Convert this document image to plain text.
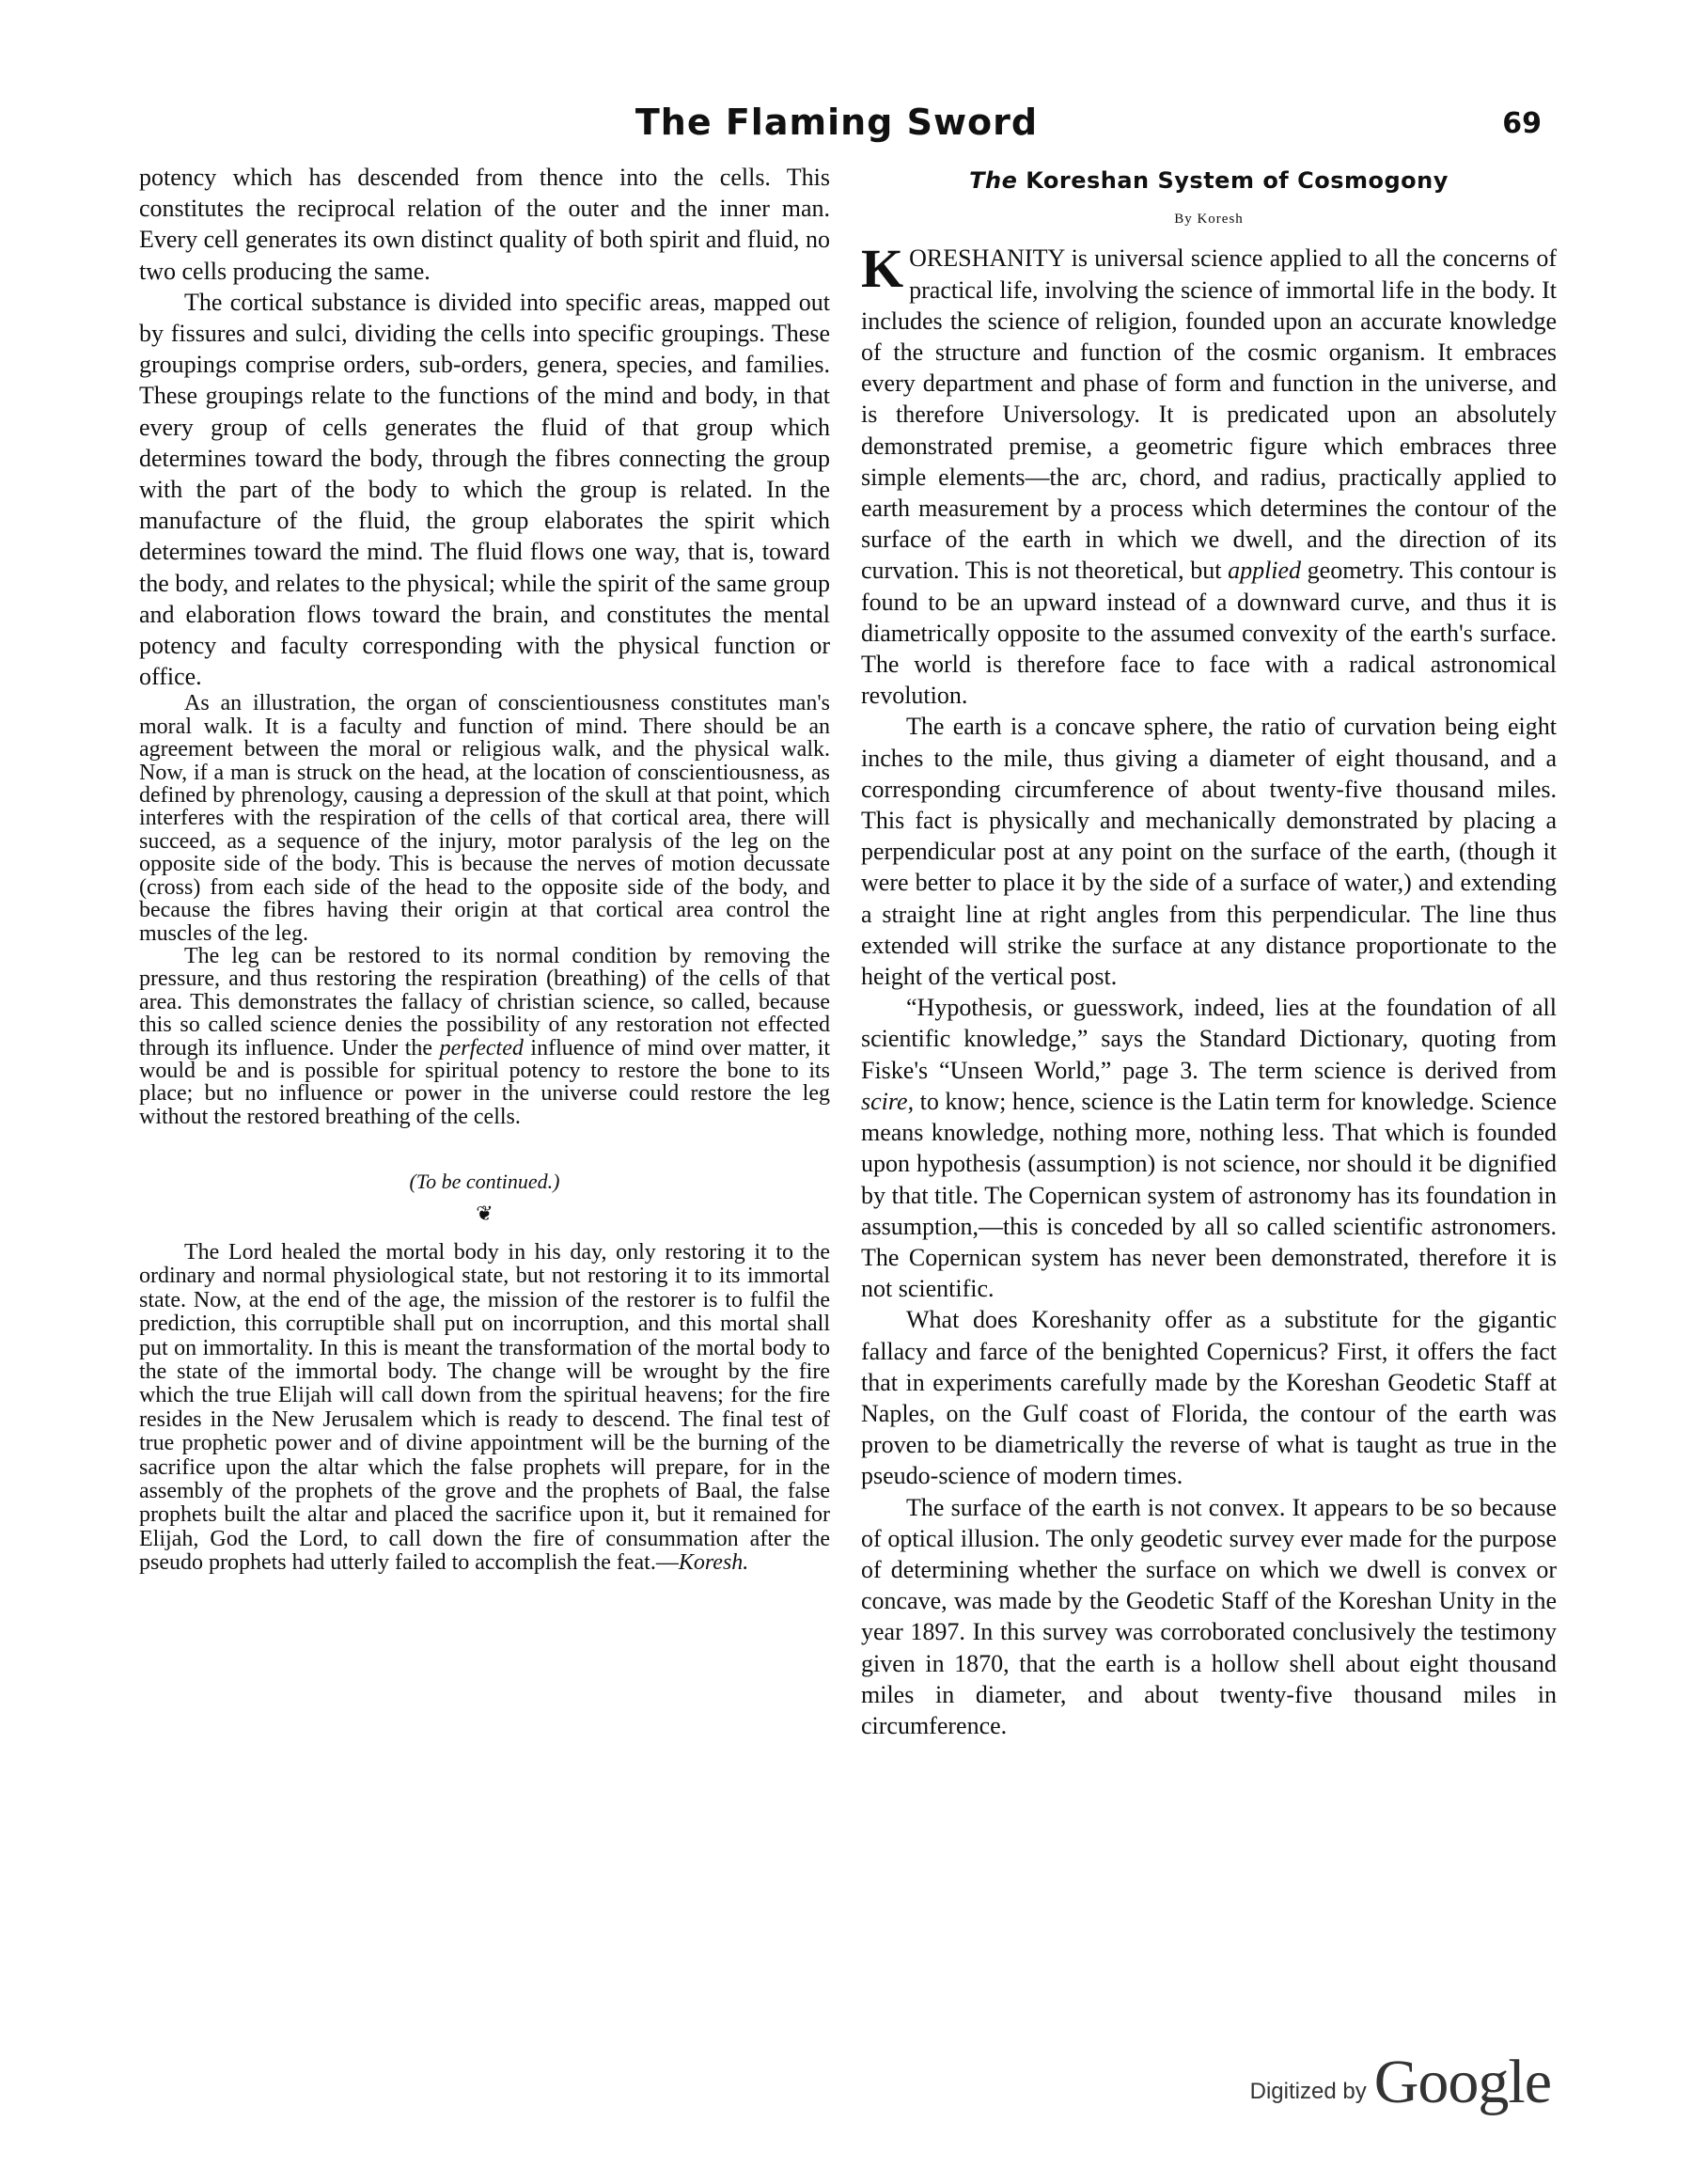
The Flaming Sword	69

potency which has descended from thence into the cells. This constitutes the reciprocal relation of the outer and the inner man. Every cell generates its own distinct quality of both spirit and fluid, no two cells producing the same.

The cortical substance is divided into specific areas, mapped out by fissures and sulci, dividing the cells into specific groupings. These groupings comprise orders, sub-orders, genera, species, and families. These groupings relate to the functions of the mind and body, in that every group of cells generates the fluid of that group which determines toward the body, through the fibres connecting the group with the part of the body to which the group is related. In the manufacture of the fluid, the group elaborates the spirit which determines toward the mind. The fluid flows one way, that is, toward the body, and relates to the physical; while the spirit of the same group and elaboration flows toward the brain, and constitutes the mental potency and faculty corresponding with the physical function or office.

As an illustration, the organ of conscientiousness constitutes man's moral walk. It is a faculty and function of mind. There should be an agreement between the moral or religious walk, and the physical walk. Now, if a man is struck on the head, at the location of conscientiousness, as defined by phrenology, causing a depression of the skull at that point, which interferes with the respiration of the cells of that cortical area, there will succeed, as a sequence of the injury, motor paralysis of the leg on the opposite side of the body. This is because the nerves of motion decussate (cross) from each side of the head to the opposite side of the body, and because the fibres having their origin at that cortical area control the muscles of the leg.

The leg can be restored to its normal condition by removing the pressure, and thus restoring the respiration (breathing) of the cells of that area. This demonstrates the fallacy of christian science, so called, because this so called science denies the possibility of any restoration not effected through its influence. Under the perfected influence of mind over matter, it would be and is possible for spiritual potency to restore the bone to its place; but no influence or power in the universe could restore the leg without the restored breathing of the cells.

(To be continued.)
❦

The Lord healed the mortal body in his day, only restoring it to the ordinary and normal physiological state, but not restoring it to its immortal state. Now, at the end of the age, the mission of the restorer is to fulfil the prediction, this corruptible shall put on incorruption, and this mortal shall put on immortality. In this is meant the transformation of the mortal body to the state of the immortal body. The change will be wrought by the fire which the true Elijah will call down from the spiritual heavens; for the fire resides in the New Jerusalem which is ready to descend. The final test of true prophetic power and of divine appointment will be the burning of the sacrifice upon the altar which the false prophets will prepare, for in the assembly of the prophets of the grove and the prophets of Baal, the false prophets built the altar and placed the sacrifice upon it, but it remained for Elijah, God the Lord, to call down the fire of consummation after the pseudo prophets had utterly failed to accomplish the feat.—Koresh.

The Koreshan System of Cosmogony
By Koresh

KORESHANITY is universal science applied to all the concerns of practical life, involving the science of immortal life in the body. It includes the science of religion, founded upon an accurate knowledge of the structure and function of the cosmic organism. It embraces every department and phase of form and function in the universe, and is therefore Universology. It is predicated upon an absolutely demonstrated premise, a geometric figure which embraces three simple elements—the arc, chord, and radius, practically applied to earth measurement by a process which determines the contour of the surface of the earth in which we dwell, and the direction of its curvation. This is not theoretical, but applied geometry. This contour is found to be an upward instead of a downward curve, and thus it is diametrically opposite to the assumed convexity of the earth's surface. The world is therefore face to face with a radical astronomical revolution.

The earth is a concave sphere, the ratio of curvation being eight inches to the mile, thus giving a diameter of eight thousand, and a corresponding circumference of about twenty-five thousand miles. This fact is physically and mechanically demonstrated by placing a perpendicular post at any point on the surface of the earth, (though it were better to place it by the side of a surface of water,) and extending a straight line at right angles from this perpendicular. The line thus extended will strike the surface at any distance proportionate to the height of the vertical post.

“Hypothesis, or guesswork, indeed, lies at the foundation of all scientific knowledge,” says the Standard Dictionary, quoting from Fiske's “Unseen World,” page 3. The term science is derived from scire, to know; hence, science is the Latin term for knowledge. Science means knowledge, nothing more, nothing less. That which is founded upon hypothesis (assumption) is not science, nor should it be dignified by that title. The Copernican system of astronomy has its foundation in assumption,—this is conceded by all so called scientific astronomers. The Copernican system has never been demonstrated, therefore it is not scientific.

What does Koreshanity offer as a substitute for the gigantic fallacy and farce of the benighted Copernicus? First, it offers the fact that in experiments carefully made by the Koreshan Geodetic Staff at Naples, on the Gulf coast of Florida, the contour of the earth was proven to be diametrically the reverse of what is taught as true in the pseudo-science of modern times.

The surface of the earth is not convex. It appears to be so because of optical illusion. The only geodetic survey ever made for the purpose of determining whether the surface on which we dwell is convex or concave, was made by the Geodetic Staff of the Koreshan Unity in the year 1897. In this survey was corroborated conclusively the testimony given in 1870, that the earth is a hollow shell about eight thousand miles in diameter, and about twenty-five thousand miles in circumference.

Digitized by Google
